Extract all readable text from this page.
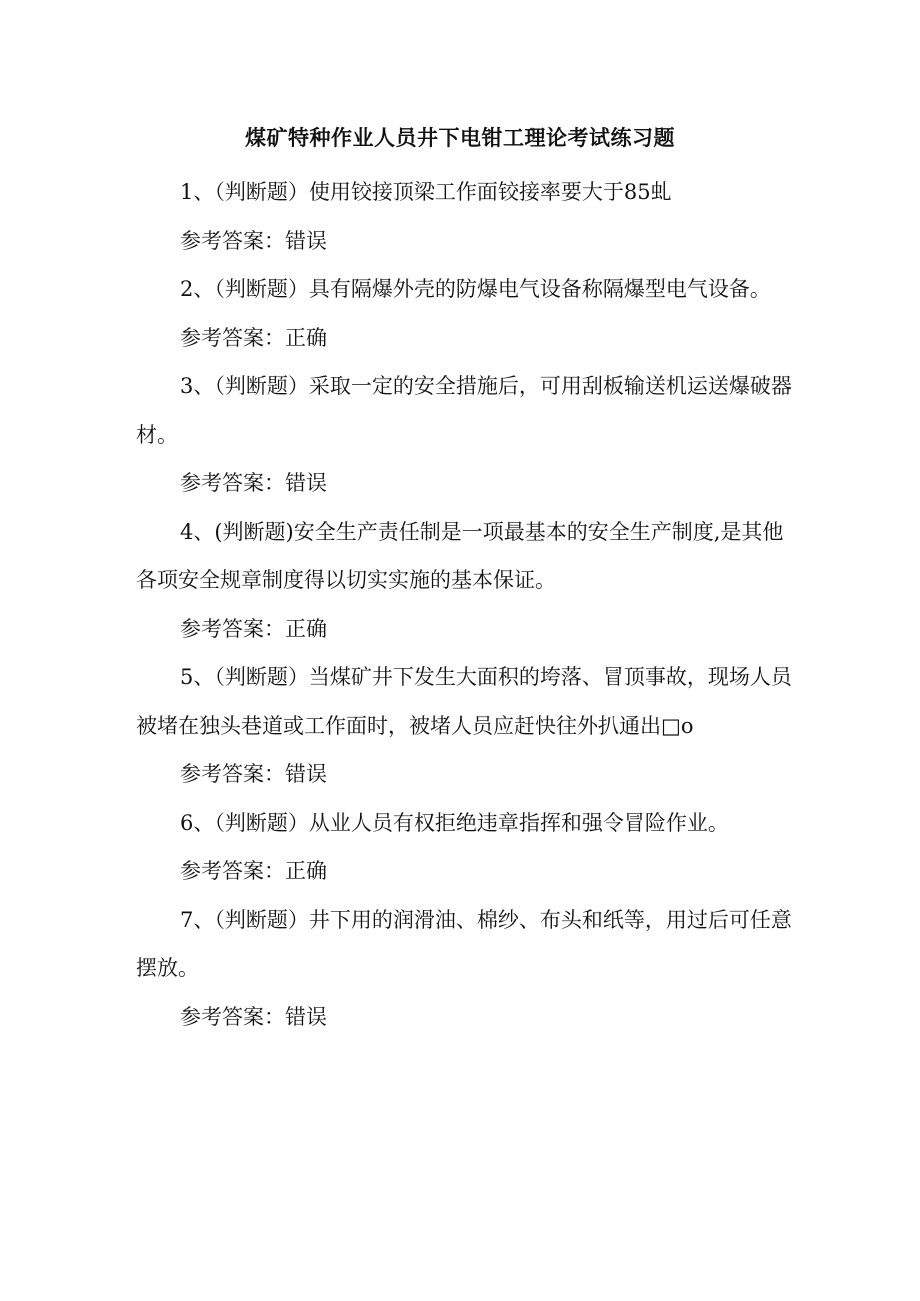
煤矿特种作业人员井下电钳工理论考试练习题

1、（判断题）使用铰接顶梁工作面铰接率要大于85虬

参考答案：错误

2、（判断题）具有隔爆外壳的防爆电气设备称隔爆型电气设备。

参考答案：正确

3、（判断题）采取一定的安全措施后，可用刮板输送机运送爆破器材。

参考答案：错误

4、(判断题)安全生产责任制是一项最基本的安全生产制度,是其他各项安全规章制度得以切实实施的基本保证。

参考答案：正确

5、（判断题）当煤矿井下发生大面积的垮落、冒顶事故，现场人员被堵在独头巷道或工作面时，被堵人员应赶快往外扒通出□o

参考答案：错误

6、（判断题）从业人员有权拒绝违章指挥和强令冒险作业。

参考答案：正确

7、（判断题）井下用的润滑油、棉纱、布头和纸等，用过后可任意摆放。

参考答案：错误
